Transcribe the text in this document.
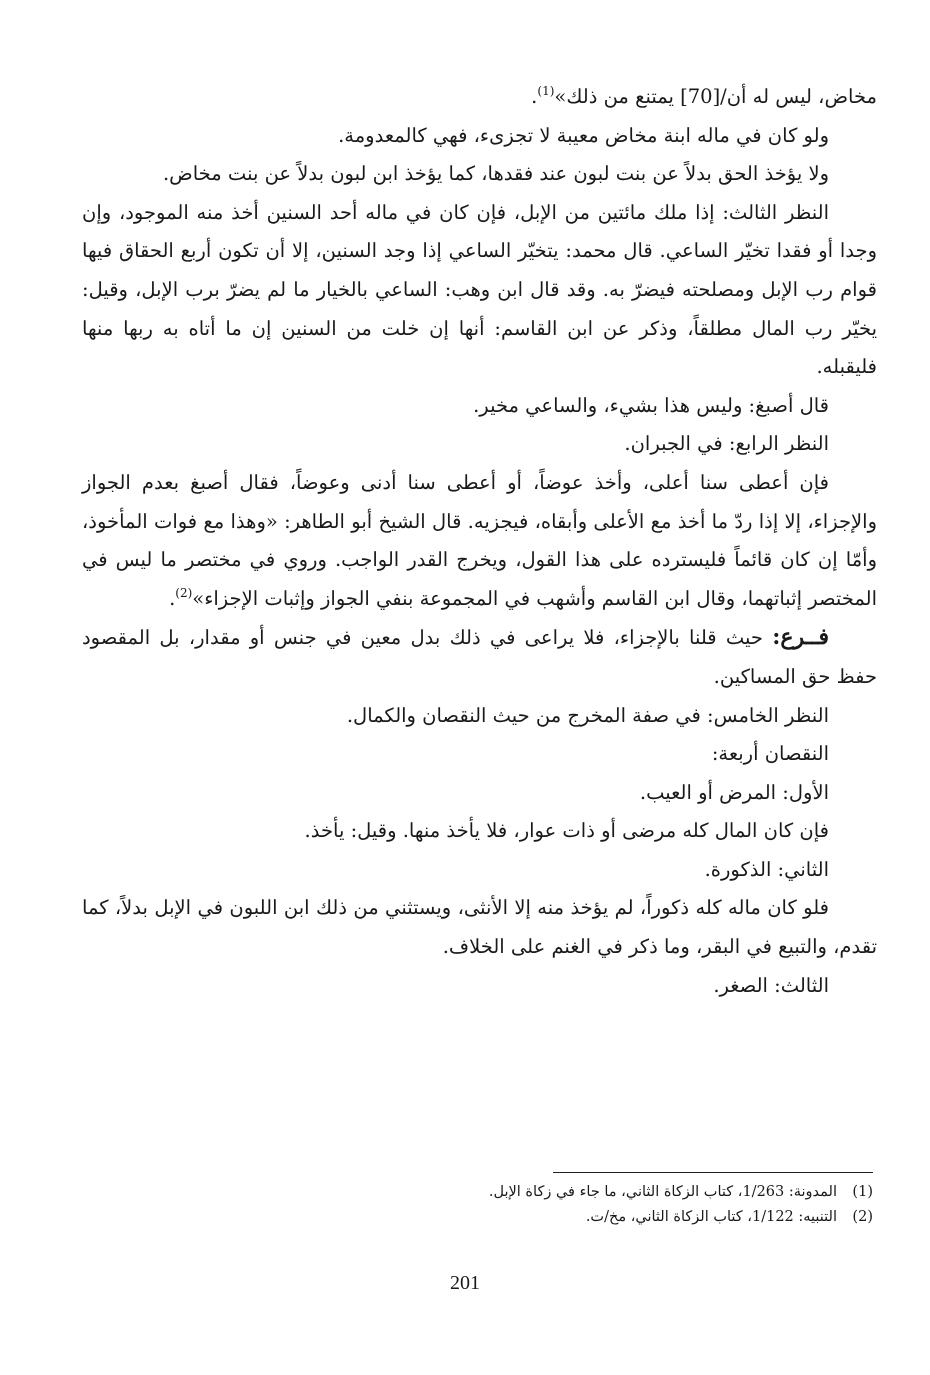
مخاض، ليس له أن/[70] يمتنع من ذلك»$^{(1)}$.

ولو كان في ماله ابنة مخاض معيبة لا تجزىء، فهي كالمعدومة.

ولا يؤخذ الحق بدلاً عن بنت لبون عند فقدها، كما يؤخذ ابن لبون بدلاً عن بنت مخاض.

النظر الثالث: إذا ملك مائتين من الإبل، فإن كان في ماله أحد السنين أخذ منه الموجود، وإن وجدا أو فقدا تخيّر الساعي. قال محمد: يتخيّر الساعي إذا وجد السنين، إلا أن تكون أربع الحقاق فيها قوام رب الإبل ومصلحته فيضرّ به. وقد قال ابن وهب: الساعي بالخيار ما لم يضرّ برب الإبل، وقيل: يخيّر رب المال مطلقاً، وذكر عن ابن القاسم: أنها إن خلت من السنين إن ما أتاه به ربها منها فليقبله.

قال أصبغ: وليس هذا بشيء، والساعي مخير.

النظر الرابع: في الجبران.

فإن أعطى سنا أعلى، وأخذ عوضاً، أو أعطى سنا أدنى وعوضاً، فقال أصبغ بعدم الجواز والإجزاء، إلا إذا ردّ ما أخذ مع الأعلى وأبقاه، فيجزيه. قال الشيخ أبو الطاهر: «وهذا مع فوات المأخوذ، وأمّا إن كان قائماً فليسترده على هذا القول، ويخرج القدر الواجب. وروي في مختصر ما ليس في المختصر إثباتهما، وقال ابن القاسم وأشهب في المجموعة بنفي الجواز وإثبات الإجزاء»$^{(2)}$.

فــرع: حيث قلنا بالإجزاء، فلا يراعى في ذلك بدل معين في جنس أو مقدار، بل المقصود حفظ حق المساكين.

النظر الخامس: في صفة المخرج من حيث النقصان والكمال.

النقصان أربعة:

الأول: المرض أو العيب.

فإن كان المال كله مرضى أو ذات عوار، فلا يأخذ منها. وقيل: يأخذ.

الثاني: الذكورة.

فلو كان ماله كله ذكوراً، لم يؤخذ منه إلا الأنثى، ويستثني من ذلك ابن اللبون في الإبل بدلاً، كما تقدم، والتبيع في البقر، وما ذكر في الغنم على الخلاف.

الثالث: الصغر.

(1)المدونة: 1/263، كتاب الزكاة الثاني، ما جاء في زكاة الإبل.
(2)التنبيه: 1/122، كتاب الزكاة الثاني، مخ/ت.
201
